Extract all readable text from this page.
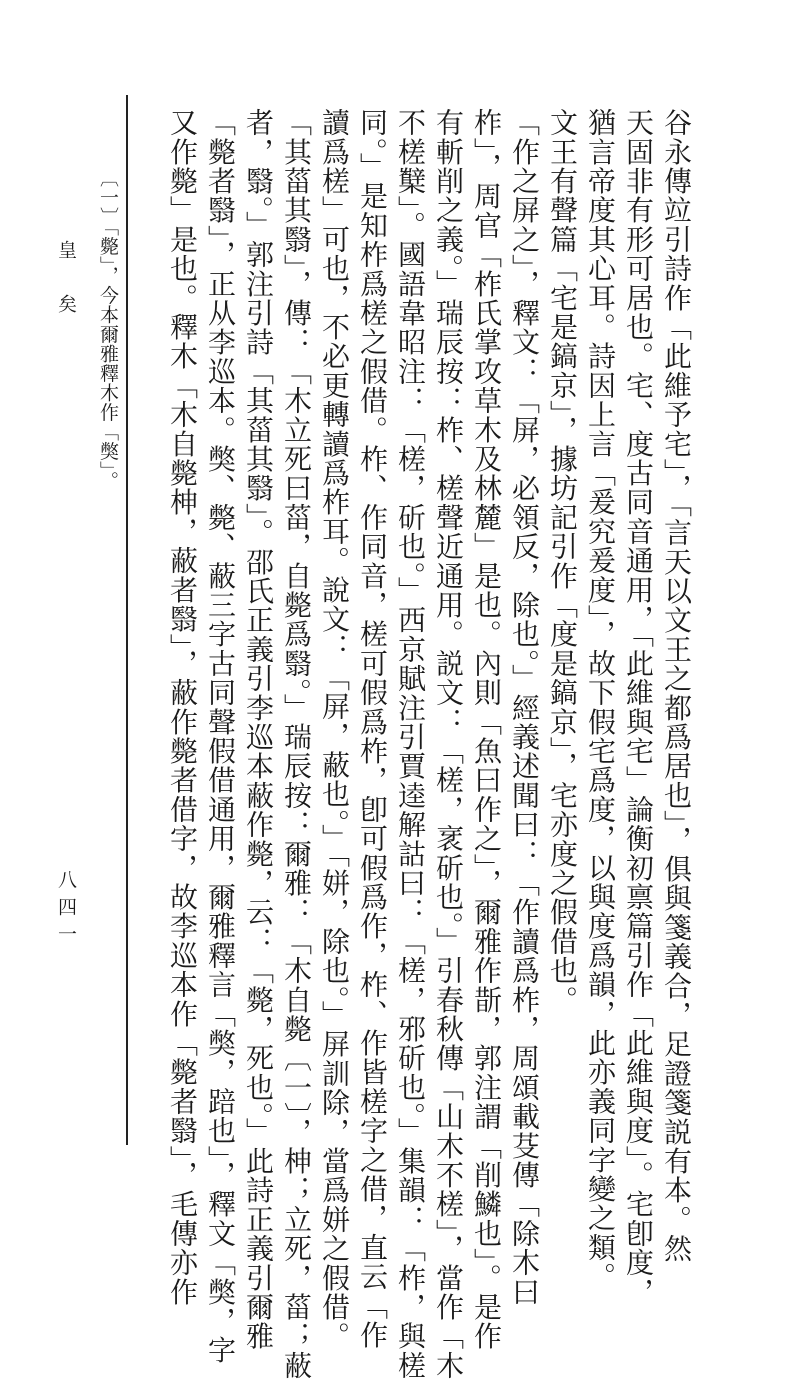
谷永傳竝引詩作「此維予宅」，「言天以文王之都爲居也」，俱與箋義合，足證箋説有本。然
天固非有形可居也。宅、度古同音通用，「此維與宅」論衡初禀篇引作「此維與度」。宅卽度，
猶言帝度其心耳。詩因上言「爰究爰度」，故下假宅爲度，以與度爲韻，此亦義同字變之類。
文王有聲篇「宅是鎬京」，據坊記引作「度是鎬京」，宅亦度之假借也。
「作之屏之」，釋文：「屏，必領反，除也。」經義述聞曰：「作讀爲柞，周頌載芟傳「除木曰
柞」，周官「柞氏掌攻草木及林麓」是也。內則「魚曰作之」，爾雅作斮，郭注謂「削鱗也」。是作
有斬削之義。」瑞辰按：柞、槎聲近通用。説文：「槎，衺斫也。」引春秋傳「山木不槎」，當作「木
不槎櫱」。國語韋昭注：「槎，斫也。」西京賦注引賈逵解詁曰：「槎，邪斫也。」集韻：「柞，與槎
同。」是知柞爲槎之假借。柞、作同音，槎可假爲柞，卽可假爲作，柞、作皆槎字之借，直云「作
讀爲槎」可也，不必更轉讀爲柞耳。說文：「屏，蔽也。」「姘，除也。」屏訓除，當爲姘之假借。
「其菑其翳」，傳：「木立死曰菑，自斃爲翳。」瑞辰按：爾雅：「木自斃〔一〕，柛；立死，菑；蔽
者，翳。」郭注引詩「其菑其翳」。邵氏正義引李巡本蔽作斃，云：「斃，死也。」此詩正義引爾雅
「斃者翳」，正从李巡本。獘、斃、蔽三字古同聲假借通用，爾雅釋言「獘，踣也」，釋文「獘，字
又作斃」是也。釋木「木自斃柛，蔽者翳」，蔽作斃者借字，故李巡本作「斃者翳」，毛傳亦作
〔一〕「斃」，今本爾雅釋木作「獘」。
皇　矣
八四一
